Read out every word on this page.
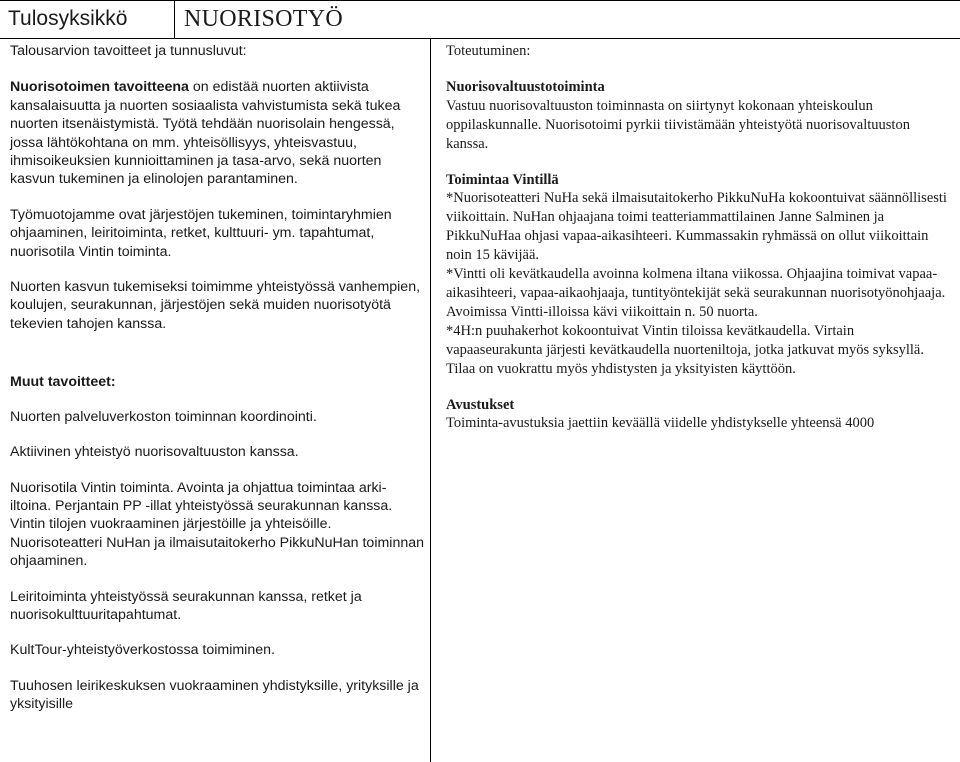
Tulosyksikkö NUORISOTYÖ

Talousarvion tavoitteet ja tunnusluvut:

Nuorisotoimen tavoitteena on edistää nuorten aktiivista kansalaisuutta ja nuorten sosiaalista vahvistumista sekä tukea nuorten itsenäistymistä. Työtä tehdään nuorisolain hengessä, jossa lähtökohtana on mm. yhteisöllisyys, yhteisvastuu, ihmisoikeuksien kunnioittaminen ja tasa-arvo, sekä nuorten kasvun tukeminen ja elinolojen parantaminen.

Työmuotojamme ovat järjestöjen tukeminen, toimintaryhmien ohjaaminen, leiritoiminta, retket, kulttuuri- ym. tapahtumat, nuorisotila Vintin toiminta.

Nuorten kasvun tukemiseksi toimimme yhteistyössä vanhempien, koulujen, seurakunnan, järjestöjen sekä muiden nuorisotyötä tekevien tahojen kanssa.

Muut tavoitteet:

Nuorten palveluverkoston toiminnan koordinointi.

Aktiivinen yhteistyö nuorisovaltuuston kanssa.

Nuorisotila Vintin toiminta. Avointa ja ohjattua toimintaa arki-iltoina. Perjantain PP -illat yhteistyössä seurakunnan kanssa. Vintin tilojen vuokraaminen järjestöille ja yhteisöille.

Nuorisoteatteri NuHan ja ilmaisutaitokerho PikkuNuHan toiminnan ohjaaminen.

Leiritoiminta yhteistyössä seurakunnan kanssa, retket ja nuorisokulttuuritapahtumat.

KultTour-yhteistyöverkostossa toimiminen.

Tuuhosen leirikeskuksen vuokraaminen yhdistyksille, yrityksille ja yksityisille

Toteutuminen:

Nuorisovaltuustotoiminta

Vastuu nuorisovaltuuston toiminnasta on siirtynyt kokonaan yhteiskoulun oppilaskunnalle. Nuorisotoimi pyrkii tiivistämään yhteistyötä nuorisovaltuuston kanssa.

Toimintaa Vintillä

*Nuorisoteatteri NuHa sekä ilmaisutaitokerho PikkuNuHa kokoontuivat säännöllisesti viikoittain. NuHan ohjaajana toimi teatteriammattilainen Janne Salminen ja PikkuNuHaa ohjasi vapaa-aikasihteeri. Kummassakin ryhmässä on ollut viikoittain noin 15 kävijää.

*Vintti oli kevätkaudella avoinna kolmena iltana viikossa. Ohjaajina toimivat vapaa-aikasihteeri, vapaa-aikaohjaaja, tuntityöntekijät sekä seurakunnan nuorisotyönohjaaja. Avoimissa Vintti-illoissa kävi viikoittain n. 50 nuorta.

*4H:n puuhakerhot kokoontuivat Vintin tiloissa kevätkaudella. Virtain vapaaseurakunta järjesti kevätkaudella nuorteniltoja, jotka jatkuvat myös syksyllä. Tilaa on vuokrattu myös yhdistysten ja yksityisten käyttöön.

Avustukset

Toiminta-avustuksia jaettiin keväällä viidelle yhdistykselle yhteensä 4000
